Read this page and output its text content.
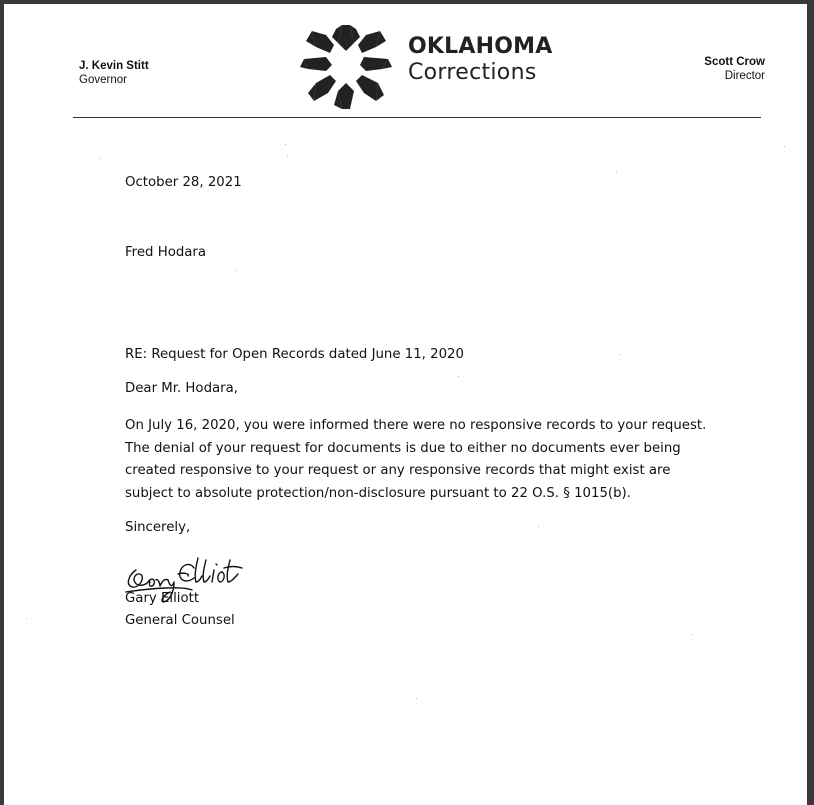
J. Kevin Stitt
Governor
OKLAHOMA
Corrections	Scott Crow
Director
October 28, 2021
Fred Hodara
RE: Request for Open Records dated June 11, 2020
Dear Mr. Hodara,
On July 16, 2020, you were informed there were no responsive records to your request.
The denial of your request for documents is due to either no documents ever being
created responsive to your request or any responsive records that might exist are
subject to absolute protection/non-disclosure pursuant to 22 O.S. § 1015(b).
Sincerely,
Gary Elliott
General Counsel
